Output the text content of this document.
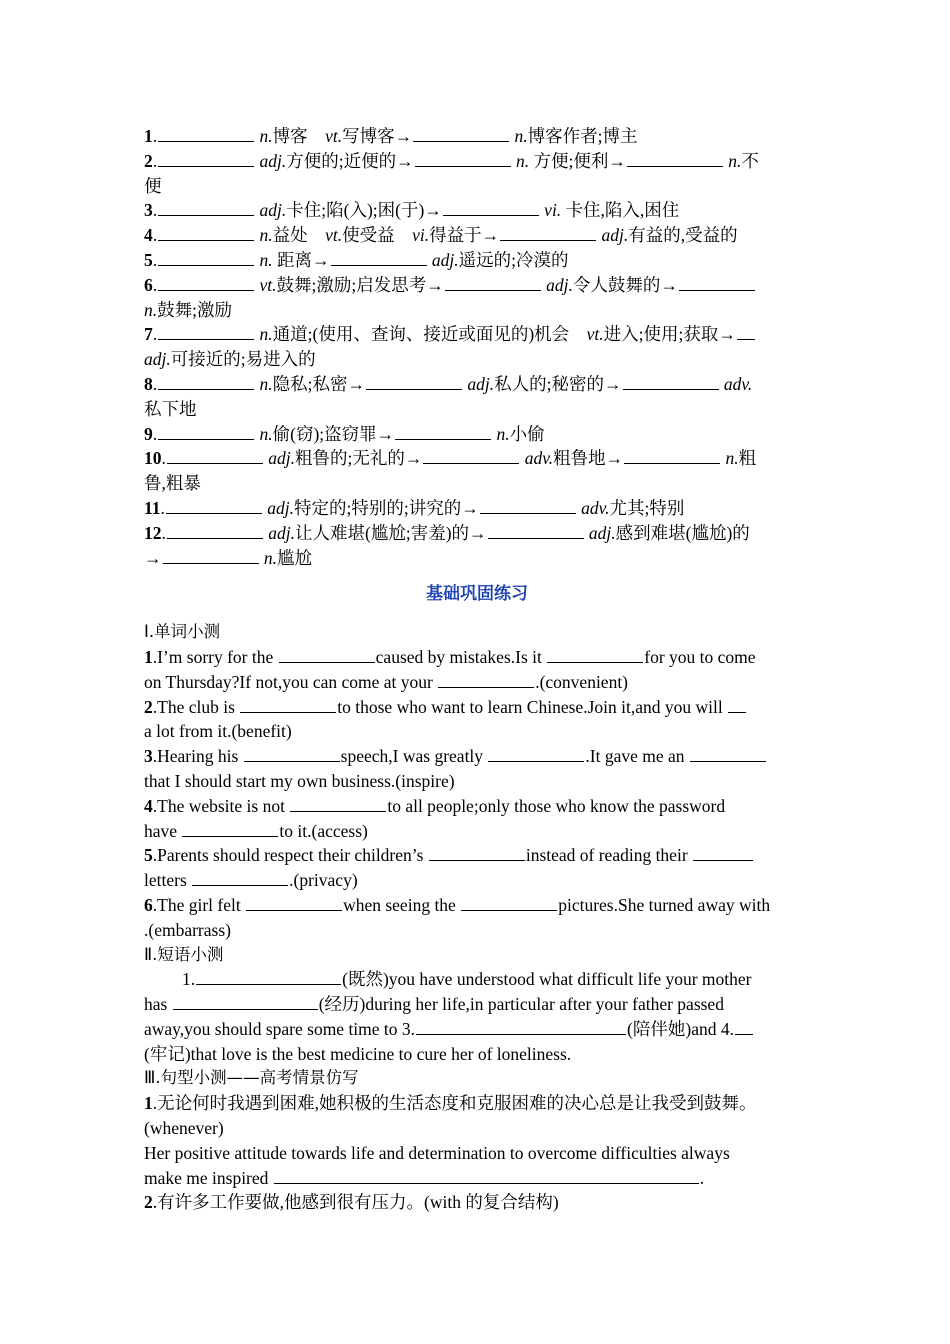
1.	n.博客 vt.写博客→	n.博客作者;博主
2.	adj.方便的;近便的→	n. 方便;便利→	n.不
便
3.	adj.卡住;陷(入);困(于)→	vi. 卡住,陷入,困住
4.	n.益处 vt.使受益 vi.得益于→	adj.有益的,受益的
5.	n. 距离→	adj.遥远的;冷漠的
6.	vt.鼓舞;激励;启发思考→	adj.令人鼓舞的→
n.鼓舞;激励
7.	n.通道;(使用、查询、接近或面见的)机会 vt.进入;使用;获取→
adj.可接近的;易进入的
8.	n.隐私;私密→	adj.私人的;秘密的→	adv.
私下地
9.	n.偷(窃);盗窃罪→	n.小偷
10.	adj.粗鲁的;无礼的→	adv.粗鲁地→	n.粗
鲁,粗暴
11.	adj.特定的;特别的;讲究的→	adv.尤其;特别
12.	adj.让人难堪(尴尬;害羞)的→	adj.感到难堪(尴尬)的
→	n.尴尬
基础巩固练习
Ⅰ.单词小测
1.I’m sorry for the	caused by mistakes.Is it	for you to come
on Thursday?If not,you can come at your	.(convenient)
2.The club is	to those who want to learn Chinese.Join it,and you will
a lot from it.(benefit)
3.Hearing his	speech,I was greatly	.It gave me an
that I should start my own business.(inspire)
4.The website is not	to all people;only those who know the password
have	to it.(access)
5.Parents should respect their children’s	instead of reading their
letters	.(privacy)
6.The girl felt	when seeing the	pictures.She turned away with
.(embarrass)
Ⅱ.短语小测
1.	(既然)you have understood what difficult life your mother
has	(经历)during her life,in particular after your father passed
away,you should spare some time to 3.	(陪伴她)and 4.
(牢记)that love is the best medicine to cure her of loneliness.
Ⅲ.句型小测——高考情景仿写
1.无论何时我遇到困难,她积极的生活态度和克服困难的决心总是让我受到鼓舞。
(whenever)
Her positive attitude towards life and determination to overcome difficulties always
make me inspired	.
2.有许多工作要做,他感到很有压力。(with 的复合结构)
